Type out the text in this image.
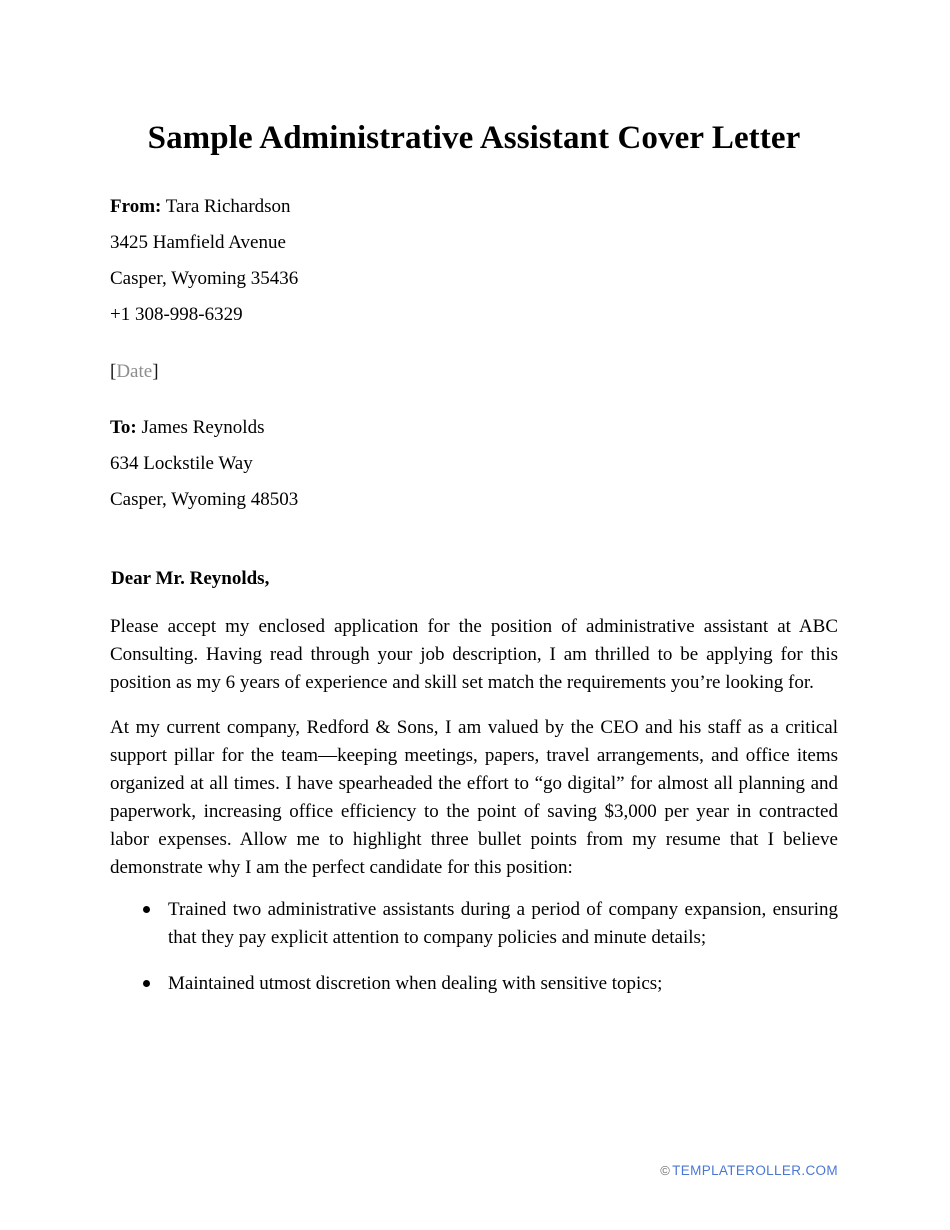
Sample Administrative Assistant Cover Letter
From: Tara Richardson
3425 Hamfield Avenue
Casper, Wyoming 35436
+1 308-998-6329
[Date]
To: James Reynolds
634 Lockstile Way
Casper, Wyoming 48503
Dear Mr. Reynolds,

Please accept my enclosed application for the position of administrative assistant at ABC Consulting. Having read through your job description, I am thrilled to be applying for this position as my 6 years of experience and skill set match the requirements you’re looking for.

At my current company, Redford & Sons, I am valued by the CEO and his staff as a critical support pillar for the team—keeping meetings, papers, travel arrangements, and office items organized at all times. I have spearheaded the effort to “go digital” for almost all planning and paperwork, increasing office efficiency to the point of saving $3,000 per year in contracted labor expenses. Allow me to highlight three bullet points from my resume that I believe demonstrate why I am the perfect candidate for this position:

Trained two administrative assistants during a period of company expansion, ensuring that they pay explicit attention to company policies and minute details;
Maintained utmost discretion when dealing with sensitive topics;
© TEMPLATEROLLER.COM
